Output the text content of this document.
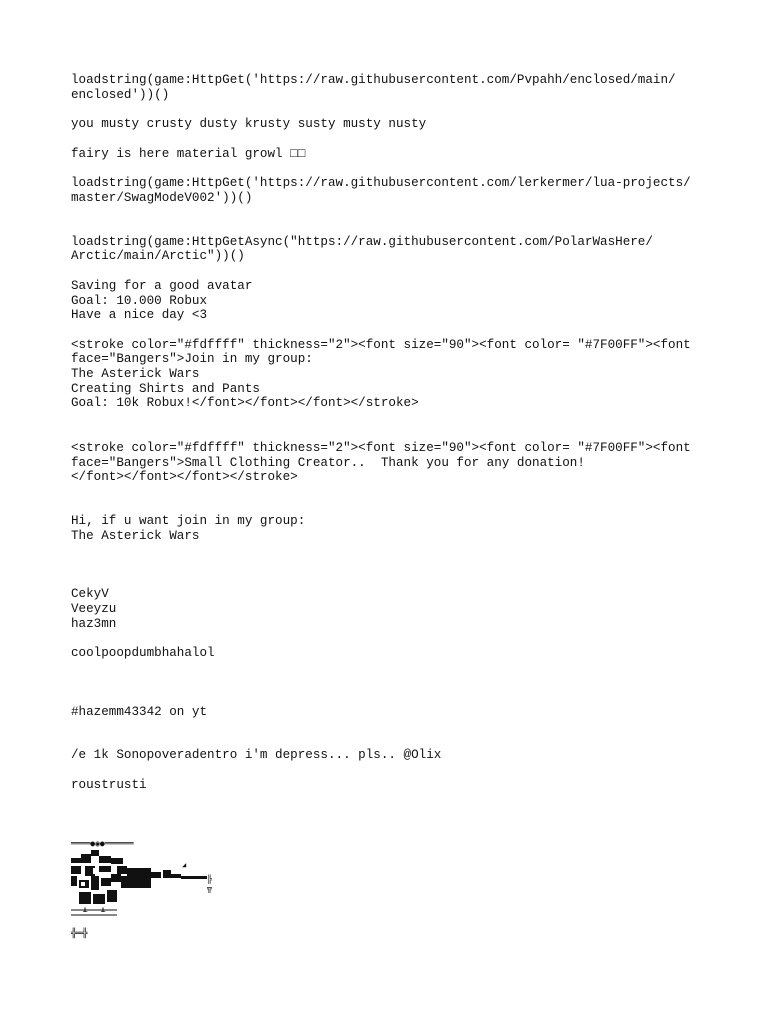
loadstring(game:HttpGet('https://raw.githubusercontent.com/Pvpahh/enclosed/main/

enclosed'))()

you musty crusty dusty krusty susty musty nusty

fairy is here material growl □□

loadstring(game:HttpGet('https://raw.githubusercontent.com/lerkermer/lua-projects/

master/SwagModeV002'))()

loadstring(game:HttpGetAsync("https://raw.githubusercontent.com/PolarWasHere/

Arctic/main/Arctic"))()

Saving for a good avatar

Goal: 10.000 Robux

Have a nice day <3

<stroke color="#fdffff" thickness="2"><font size="90"><font color= "#7F00FF"><font

face="Bangers">Join in my group:

The Asterick Wars

Creating Shirts and Pants

Goal: 10k Robux!</font></font></font></stroke>

<stroke color="#fdffff" thickness="2"><font size="90"><font color= "#7F00FF"><font

face="Bangers">Small Clothing Creator..  Thank you for any donation!

</font></font></font></stroke>

Hi, if u want join in my group:

The Asterick Wars

CekyV

Veeyzu

haz3mn

coolpoopdumbhahalol

#hazemm43342 on yt

/e 1k Sonopoveradentro i'm depress... pls.. @Olix

roustrusti

════●◉●══════
◢
╠
╦
╨ ╨
╬═╬
